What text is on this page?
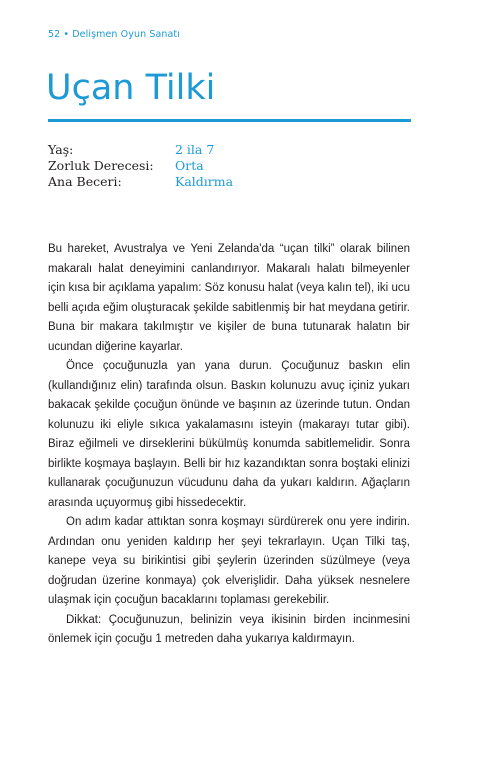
52 • Delişmen Oyun Sanatı
Uçan Tilki
Yaş:	2 ila 7
Zorluk Derecesi:	Orta
Ana Beceri:	Kaldırma

Bu hareket, Avustralya ve Yeni Zelanda'da “uçan tilki” olarak bilinen makaralı halat deneyimini canlandırıyor. Makaralı halatı bilmeyenler için kısa bir açıklama yapalım: Söz konusu halat (veya kalın tel), iki ucu belli açıda eğim oluşturacak şekilde sabitlenmiş bir hat meydana getirir. Buna bir makara takılmıştır ve kişiler de buna tutunarak halatın bir ucundan diğerine kayarlar.

Önce çocuğunuzla yan yana durun. Çocuğunuz baskın elin (kullandığınız elin) tarafında olsun. Baskın kolunuzu avuç içiniz yukarı bakacak şekilde çocuğun önünde ve başının az üzerinde tutun. Ondan kolunuzu iki eliyle sıkıca yakalamasını isteyin (makarayı tutar gibi). Biraz eğilmeli ve dirseklerini bükülmüş konumda sabitlemelidir. Sonra birlikte koşmaya başlayın. Belli bir hız kazandıktan sonra boştaki elinizi kullanarak çocuğunuzun vücudunu daha da yukarı kaldırın. Ağaçların arasında uçuyormuş gibi hissedecektir.

On adım kadar attıktan sonra koşmayı sürdürerek onu yere indirin. Ardından onu yeniden kaldırıp her şeyi tekrarlayın. Uçan Tilki taş, kanepe veya su birikintisi gibi şeylerin üzerinden süzülmeye (veya doğrudan üzerine konmaya) çok elverişlidir. Daha yüksek nesnelere ulaşmak için çocuğun bacaklarını toplaması gerekebilir.

Dikkat: Çocuğunuzun, belinizin veya ikisinin birden incinmesini önlemek için çocuğu 1 metreden daha yukarıya kaldırmayın.
